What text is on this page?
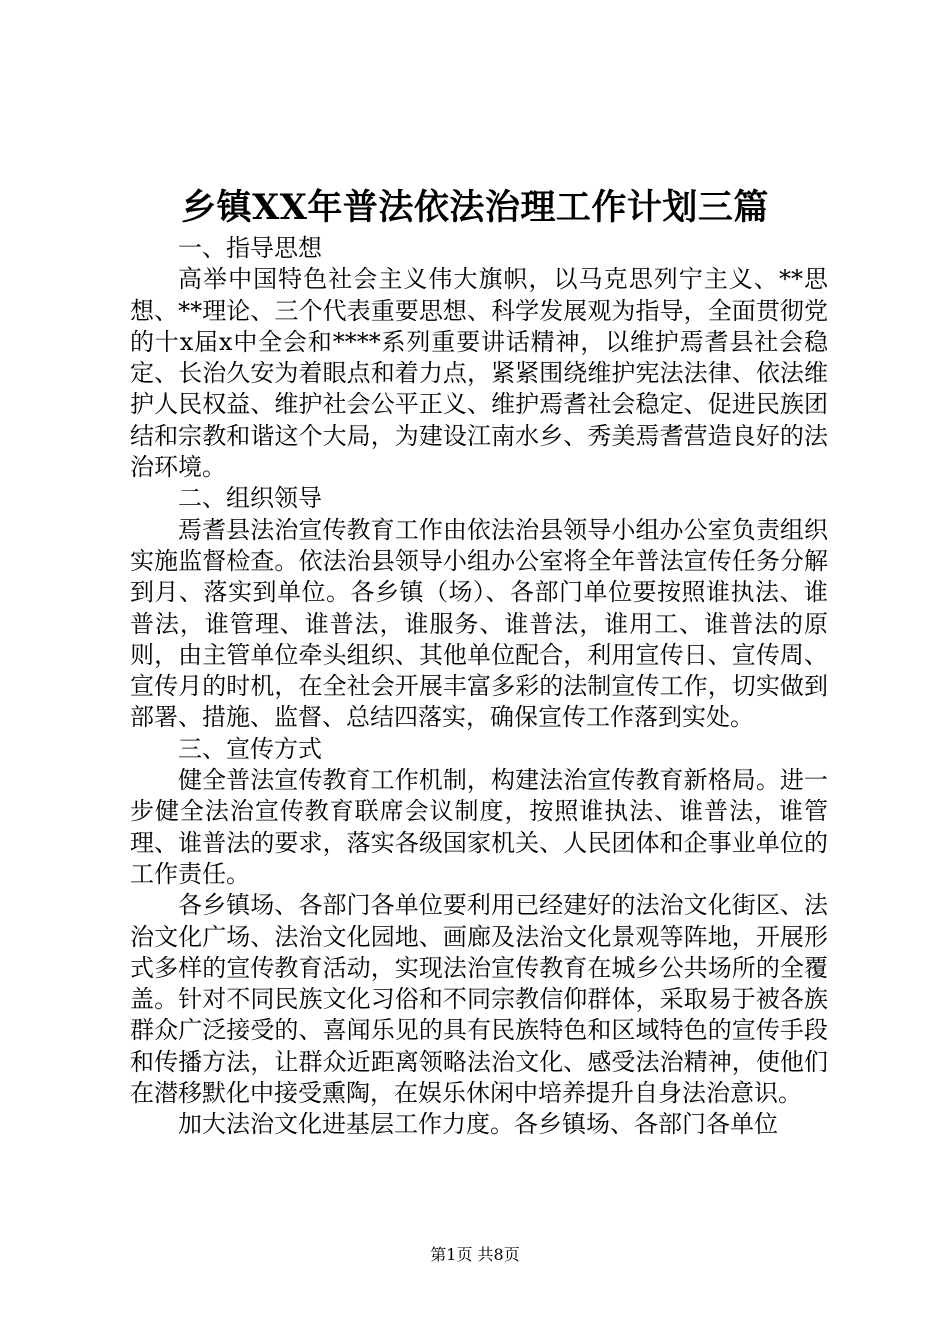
乡镇XX年普法依法治理工作计划三篇

一、指导思想

高举中国特色社会主义伟大旗帜，以马克思列宁主义、**思想、**理论、三个代表重要思想、科学发展观为指导，全面贯彻党的十x届x中全会和****系列重要讲话精神，以维护焉耆县社会稳定、长治久安为着眼点和着力点，紧紧围绕维护宪法法律、依法维护人民权益、维护社会公平正义、维护焉耆社会稳定、促进民族团结和宗教和谐这个大局，为建设江南水乡、秀美焉耆营造良好的法治环境。

二、组织领导

焉耆县法治宣传教育工作由依法治县领导小组办公室负责组织实施监督检查。依法治县领导小组办公室将全年普法宣传任务分解到月、落实到单位。各乡镇（场）、各部门单位要按照谁执法、谁普法，谁管理、谁普法，谁服务、谁普法，谁用工、谁普法的原则，由主管单位牵头组织、其他单位配合，利用宣传日、宣传周、宣传月的时机，在全社会开展丰富多彩的法制宣传工作，切实做到部署、措施、监督、总结四落实，确保宣传工作落到实处。

三、宣传方式

健全普法宣传教育工作机制，构建法治宣传教育新格局。进一步健全法治宣传教育联席会议制度，按照谁执法、谁普法，谁管理、谁普法的要求，落实各级国家机关、人民团体和企事业单位的工作责任。

各乡镇场、各部门各单位要利用已经建好的法治文化街区、法治文化广场、法治文化园地、画廊及法治文化景观等阵地，开展形式多样的宣传教育活动，实现法治宣传教育在城乡公共场所的全覆盖。针对不同民族文化习俗和不同宗教信仰群体，采取易于被各族群众广泛接受的、喜闻乐见的具有民族特色和区域特色的宣传手段和传播方法，让群众近距离领略法治文化、感受法治精神，使他们在潜移默化中接受熏陶，在娱乐休闲中培养提升自身法治意识。

加大法治文化进基层工作力度。各乡镇场、各部门各单位

第1页 共8页
